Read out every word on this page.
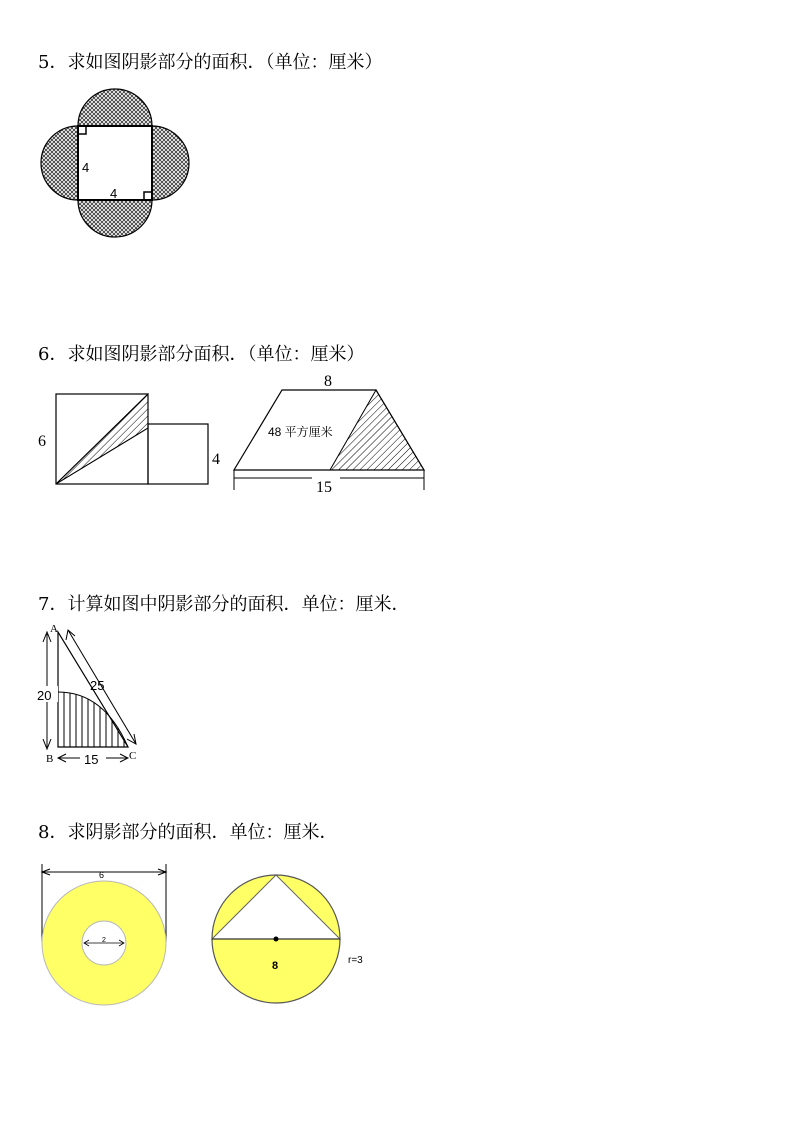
5．求如图阴影部分的面积．（单位：厘米）
4
4
6．求如图阴影部分面积．（单位：厘米）
6
4
8
48 平方厘米
15
7．计算如图中阴影部分的面积．单位：厘米．
20
25
15
A
B	C
8．求阴影部分的面积．单位：厘米．
6
2
8	r=3
